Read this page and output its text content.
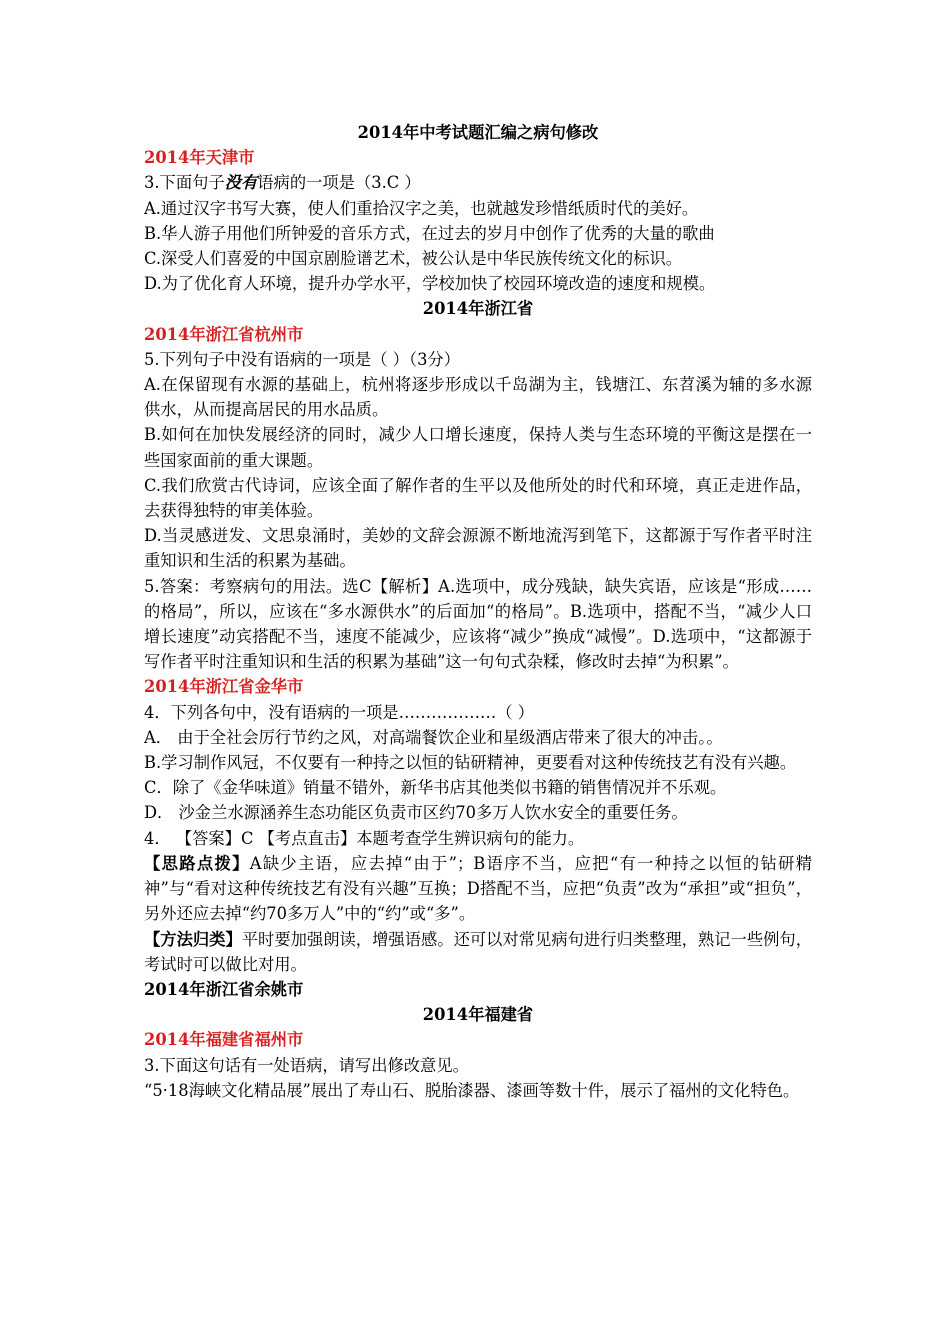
2014年中考试题汇编之病句修改
2014年天津市
3.下面句子没有语病的一项是（3.C ）
A.通过汉字书写大赛，使人们重拾汉字之美，也就越发珍惜纸质时代的美好。
B.华人游子用他们所钟爱的音乐方式，在过去的岁月中创作了优秀的大量的歌曲
C.深受人们喜爱的中国京剧脸谱艺术，被公认是中华民族传统文化的标识。
D.为了优化育人环境，提升办学水平，学校加快了校园环境改造的速度和规模。
2014年浙江省
2014年浙江省杭州市
5.下列句子中没有语病的一项是（ ）（3分）
A.在保留现有水源的基础上，杭州将逐步形成以千岛湖为主，钱塘江、东苕溪为辅的多水源供水，从而提高居民的用水品质。
B.如何在加快发展经济的同时，减少人口增长速度，保持人类与生态环境的平衡这是摆在一些国家面前的重大课题。
C.我们欣赏古代诗词，应该全面了解作者的生平以及他所处的时代和环境，真正走进作品，去获得独特的审美体验。
D.当灵感迸发、文思泉涌时，美妙的文辞会源源不断地流泻到笔下，这都源于写作者平时注重知识和生活的积累为基础。
5.答案：考察病句的用法。选C【解析】A.选项中，成分残缺，缺失宾语，应该是“形成……的格局”，所以，应该在“多水源供水”的后面加“的格局”。B.选项中，搭配不当，“减少人口增长速度”动宾搭配不当，速度不能减少，应该将“减少”换成“减慢”。D.选项中，“这都源于写作者平时注重知识和生活的积累为基础”这一句句式杂糅，修改时去掉“为积累”。
2014年浙江省金华市
4．下列各句中，没有语病的一项是………………（ ）
A． 由于全社会厉行节约之风，对高端餐饮企业和星级酒店带来了很大的冲击。。
B.学习制作风冠，不仅要有一种持之以恒的钻研精神，更要看对这种传统技艺有没有兴趣。
C．除了《金华味道》销量不错外，新华书店其他类似书籍的销售情况并不乐观。
D． 沙金兰水源涵养生态功能区负责市区约70多万人饮水安全的重要任务。
4． 【答案】C 【考点直击】本题考查学生辨识病句的能力。
【思路点拨】A缺少主语，应去掉“由于”；B语序不当，应把“有一种持之以恒的钻研精神”与“看对这种传统技艺有没有兴趣”互换；D搭配不当，应把“负责”改为“承担”或“担负”，另外还应去掉“约70多万人”中的“约”或“多”。
【方法归类】平时要加强朗读，增强语感。还可以对常见病句进行归类整理，熟记一些例句，考试时可以做比对用。
2014年浙江省余姚市
2014年福建省
2014年福建省福州市
3.下面这句话有一处语病，请写出修改意见。
“5·18海峡文化精品展”展出了寿山石、脱胎漆器、漆画等数十件，展示了福州的文化特色。
